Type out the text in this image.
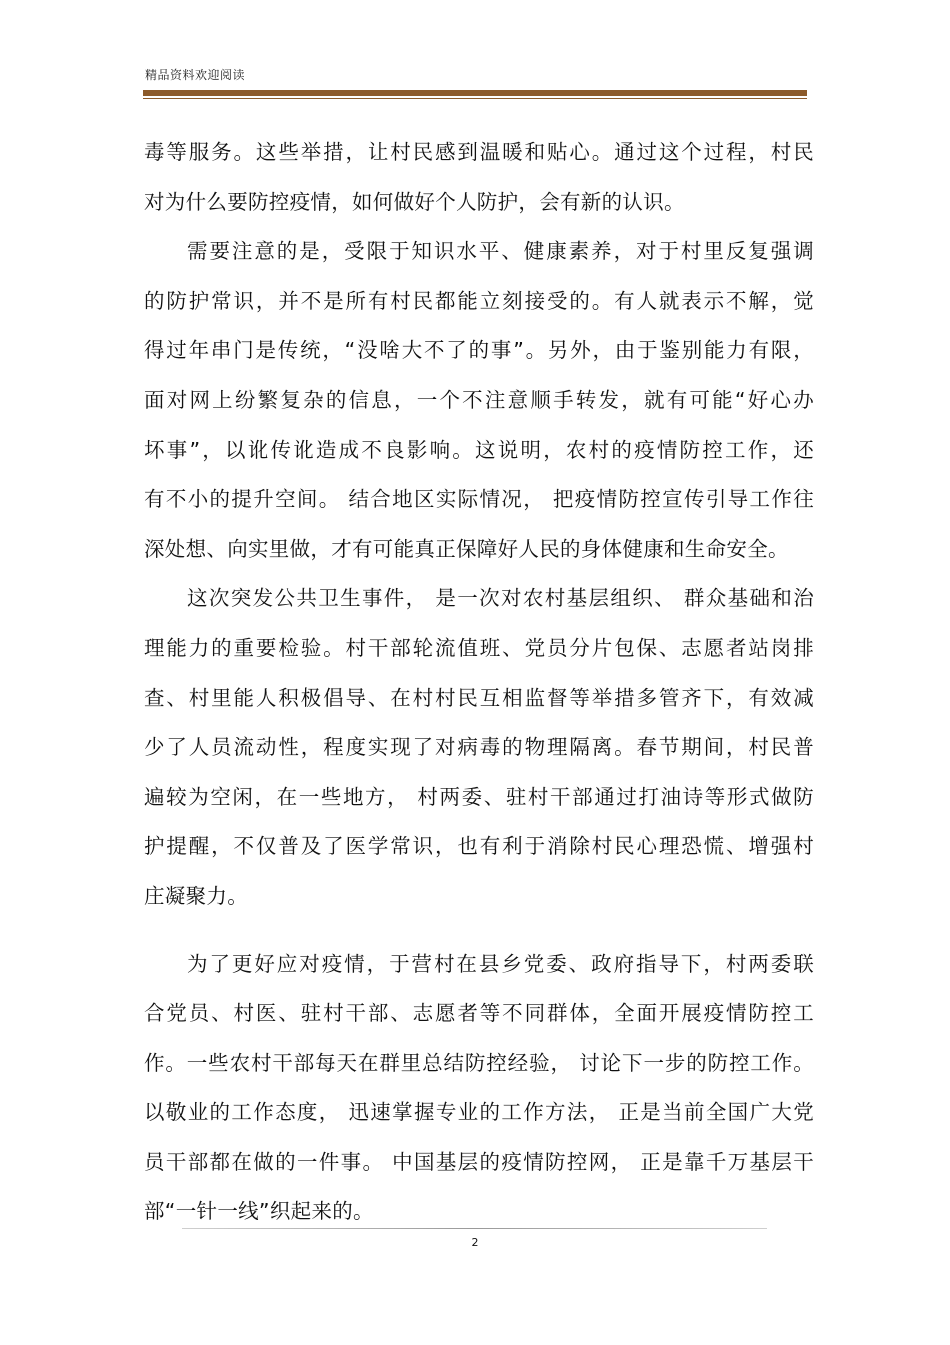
精品资料欢迎阅读
毒等服务。这些举措，让村民感到温暖和贴心。通过这个过程，村民
对为什么要防控疫情，如何做好个人防护，会有新的认识。
需要注意的是，受限于知识水平、健康素养，对于村里反复强调
的防护常识，并不是所有村民都能立刻接受的。有人就表示不解，觉
得过年串门是传统，“没啥大不了的事”。另外，由于鉴别能力有限，
面对网上纷繁复杂的信息，一个不注意顺手转发，就有可能“好心办
坏事”，以讹传讹造成不良影响。这说明，农村的疫情防控工作，还
有不小的提升空间。 结合地区实际情况， 把疫情防控宣传引导工作往
深处想、向实里做，才有可能真正保障好人民的身体健康和生命安全。
这次突发公共卫生事件， 是一次对农村基层组织、 群众基础和治
理能力的重要检验。村干部轮流值班、党员分片包保、志愿者站岗排
查、村里能人积极倡导、在村村民互相监督等举措多管齐下，有效减
少了人员流动性，程度实现了对病毒的物理隔离。春节期间，村民普
遍较为空闲，在一些地方， 村两委、驻村干部通过打油诗等形式做防
护提醒，不仅普及了医学常识，也有利于消除村民心理恐慌、增强村
庄凝聚力。
为了更好应对疫情，于营村在县乡党委、政府指导下，村两委联
合党员、村医、驻村干部、志愿者等不同群体，全面开展疫情防控工
作。一些农村干部每天在群里总结防控经验， 讨论下一步的防控工作。
以敬业的工作态度， 迅速掌握专业的工作方法， 正是当前全国广大党
员干部都在做的一件事。 中国基层的疫情防控网， 正是靠千万基层干
部“一针一线”织起来的。
2
